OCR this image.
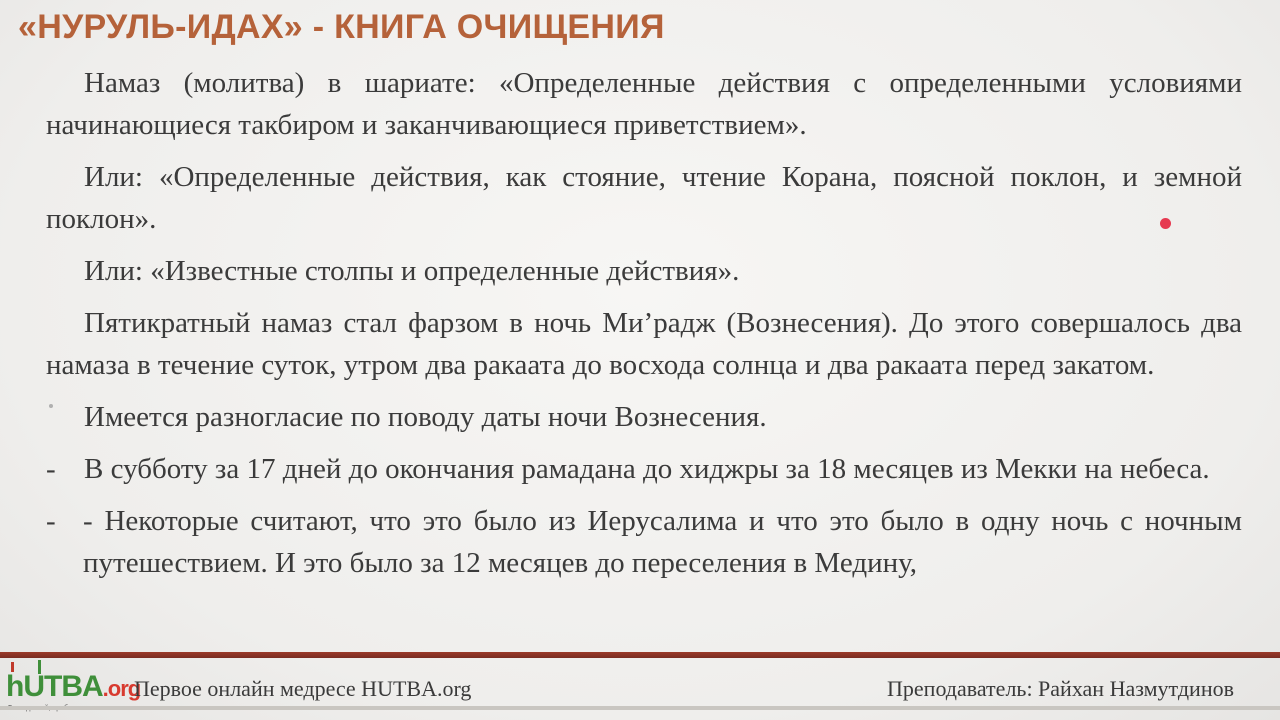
«НУРУЛЬ-ИДАХ» - КНИГА ОЧИЩЕНИЯ

Намаз (молитва) в шариате: «Определенные действия с определенными условиями начинающиеся такбиром и заканчивающиеся приветствием».

Или: «Определенные действия, как стояние, чтение Корана, поясной поклон, и земной поклон».

Или: «Известные столпы и определенные действия».

Пятикратный намаз стал фарзом в ночь Ми’радж (Вознесения). До этого совершалось два намаза в течение суток, утром два ракаата до восхода солнца и два ракаата перед закатом.

Имеется разногласие по поводу даты ночи Вознесения.
- В субботу за 17 дней до окончания рамадана до хиджры за 18 месяцев из Мекки на небеса.
- - Некоторые считают, что это было из Иерусалима и что это было в одну ночь с ночным путешествием. И это было за 12 месяцев до переселения в Медину,
hUTBA.org
Первое онлайн медресе HUTBA.org	Преподаватель: Райхан Назмутдинов
